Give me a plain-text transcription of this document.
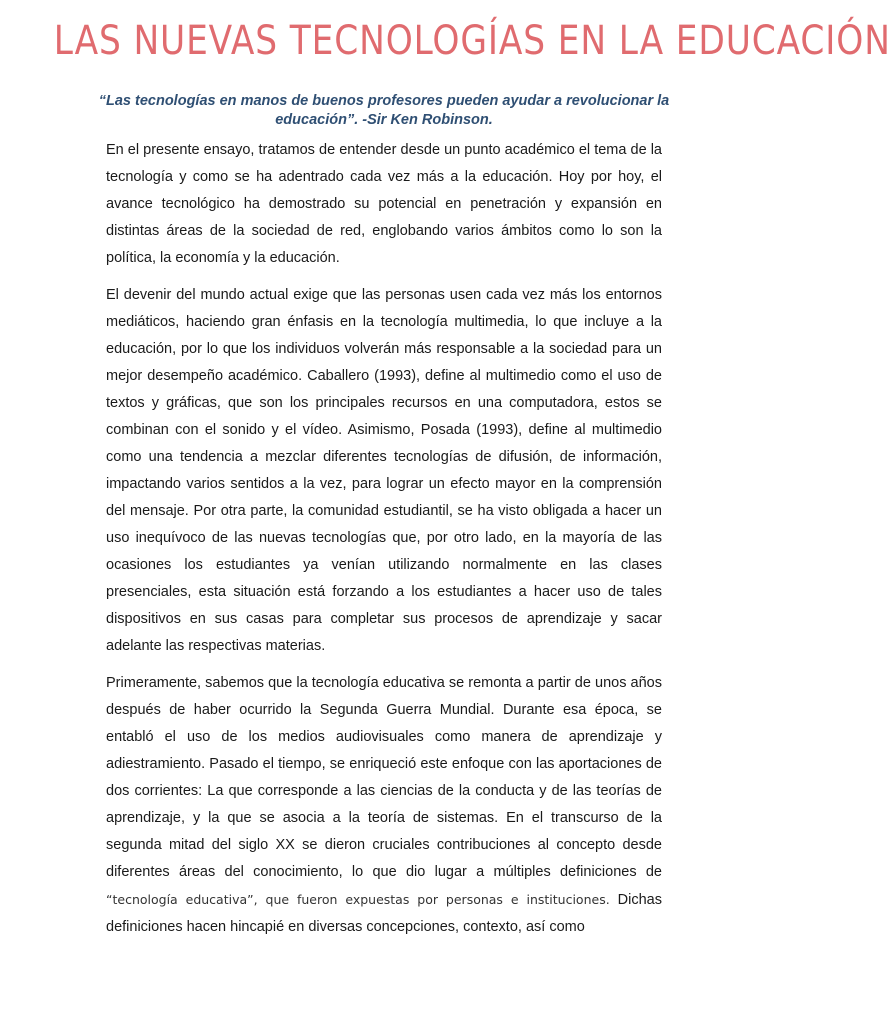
LAS NUEVAS TECNOLOGÍAS EN LA EDUCACIÓN
“Las tecnologías en manos de buenos profesores pueden ayudar a revolucionar la educación”. -Sir Ken Robinson.

En el presente ensayo, tratamos de entender desde un punto académico el tema de la tecnología y como se ha adentrado cada vez más a la educación. Hoy por hoy, el avance tecnológico ha demostrado su potencial en penetración y expansión en distintas áreas de la sociedad de red, englobando varios ámbitos como lo son la política, la economía y la educación.

El devenir del mundo actual exige que las personas usen cada vez más los entornos mediáticos, haciendo gran énfasis en la tecnología multimedia, lo que incluye a la educación, por lo que los individuos volverán más responsable a la sociedad para un mejor desempeño académico. Caballero (1993), define al multimedio como el uso de textos y gráficas, que son los principales recursos en una computadora, estos se combinan con el sonido y el vídeo. Asimismo, Posada (1993), define al multimedio como una tendencia a mezclar diferentes tecnologías de difusión, de información, impactando varios sentidos a la vez, para lograr un efecto mayor en la comprensión del mensaje. Por otra parte, la comunidad estudiantil, se ha visto obligada a hacer un uso inequívoco de las nuevas tecnologías que, por otro lado, en la mayoría de las ocasiones los estudiantes ya venían utilizando normalmente en las clases presenciales, esta situación está forzando a los estudiantes a hacer uso de tales dispositivos en sus casas para completar sus procesos de aprendizaje y sacar adelante las respectivas materias.

Primeramente, sabemos que la tecnología educativa se remonta a partir de unos años después de haber ocurrido la Segunda Guerra Mundial. Durante esa época, se entabló el uso de los medios audiovisuales como manera de aprendizaje y adiestramiento. Pasado el tiempo, se enriqueció este enfoque con las aportaciones de dos corrientes: La que corresponde a las ciencias de la conducta y de las teorías de aprendizaje, y la que se asocia a la teoría de sistemas. En el transcurso de la segunda mitad del siglo XX se dieron cruciales contribuciones al concepto desde diferentes áreas del conocimiento, lo que dio lugar a múltiples definiciones de “tecnología educativa”, que fueron expuestas por personas e instituciones. Dichas definiciones hacen hincapié en diversas concepciones, contexto, así como
